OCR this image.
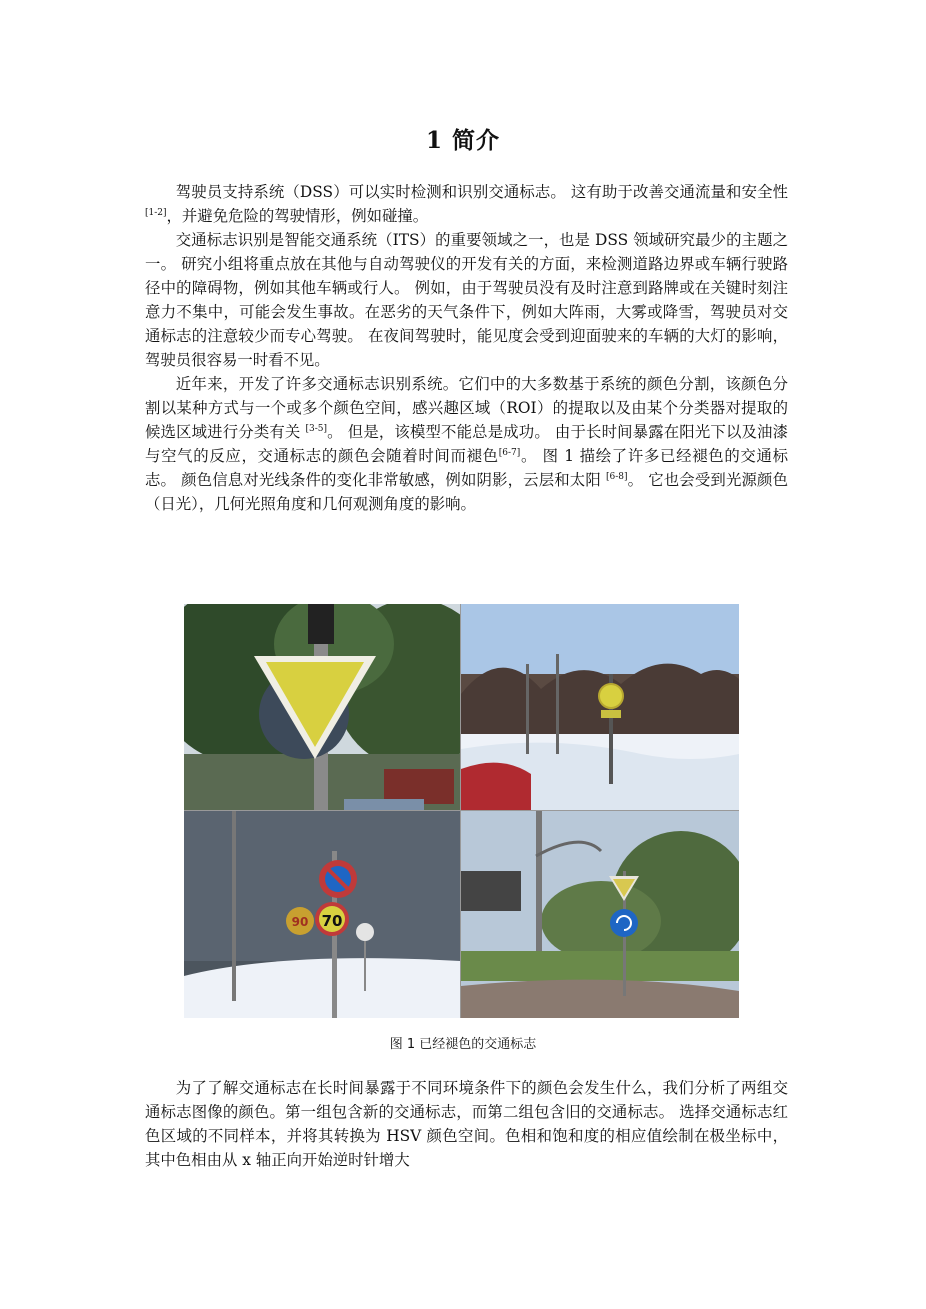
1 简介

驾驶员支持系统（DSS）可以实时检测和识别交通标志。 这有助于改善交通流量和安全性[1-2]，并避免危险的驾驶情形，例如碰撞。

交通标志识别是智能交通系统（ITS）的重要领域之一，也是 DSS 领域研究最少的主题之一。 研究小组将重点放在其他与自动驾驶仪的开发有关的方面，来检测道路边界或车辆行驶路径中的障碍物，例如其他车辆或行人。 例如，由于驾驶员没有及时注意到路牌或在关键时刻注意力不集中，可能会发生事故。在恶劣的天气条件下，例如大阵雨，大雾或降雪，驾驶员对交通标志的注意较少而专心驾驶。 在夜间驾驶时，能见度会受到迎面驶来的车辆的大灯的影响，驾驶员很容易一时看不见。

近年来，开发了许多交通标志识别系统。它们中的大多数基于系统的颜色分割，该颜色分割以某种方式与一个或多个颜色空间，感兴趣区域（ROI）的提取以及由某个分类器对提取的候选区域进行分类有关 [3-5]。 但是，该模型不能总是成功。 由于长时间暴露在阳光下以及油漆与空气的反应，交通标志的颜色会随着时间而褪色[6-7]。 图 1 描绘了许多已经褪色的交通标志。 颜色信息对光线条件的变化非常敏感，例如阴影，云层和太阳 [6-8]。 它也会受到光源颜色（日光），几何光照角度和几何观测角度的影响。

70
90
图 1 已经褪色的交通标志

为了了解交通标志在长时间暴露于不同环境条件下的颜色会发生什么，我们分析了两组交通标志图像的颜色。第一组包含新的交通标志，而第二组包含旧的交通标志。 选择交通标志红色区域的不同样本，并将其转换为 HSV 颜色空间。色相和饱和度的相应值绘制在极坐标中，其中色相由从 x 轴正向开始逆时针增大
